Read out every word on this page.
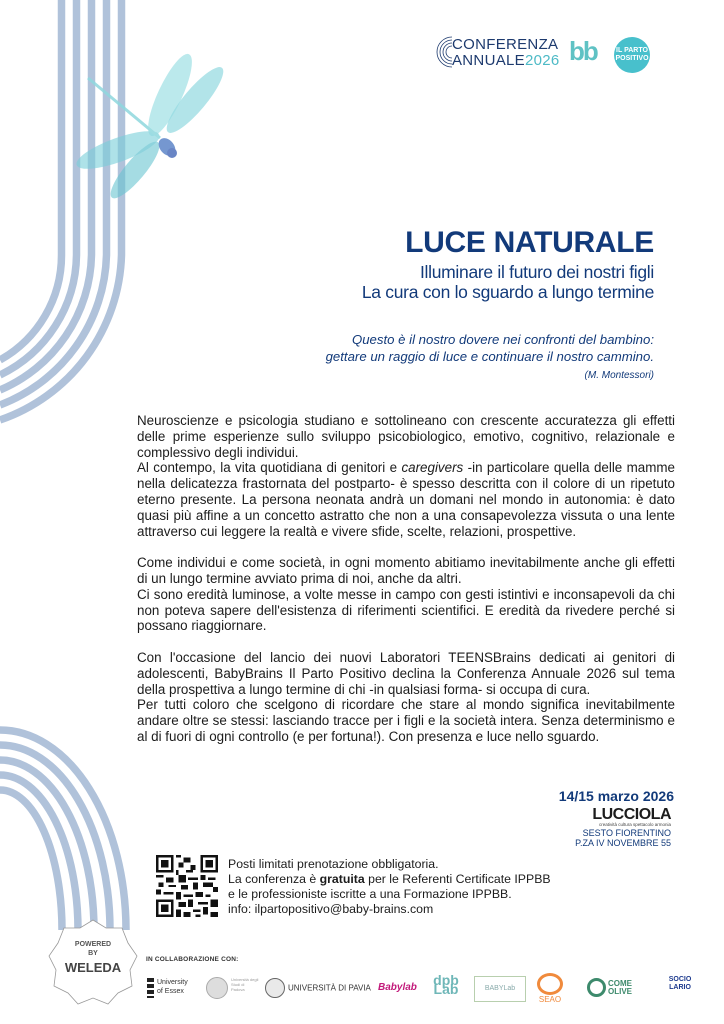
CONFERENZA
ANNUALE2026 bb	IL PARTO POSITIVO
LUCE NATURALE
Illuminare il futuro dei nostri figli
La cura con lo sguardo a lungo termine
Questo è il nostro dovere nei confronti del bambino:
gettare un raggio di luce e continuare il nostro cammino.
(M. Montessori)

Neuroscienze e psicologia studiano e sottolineano con crescente accuratezza gli effetti delle prime esperienze sullo sviluppo psicobiologico, emotivo, cognitivo, relazionale e complessivo degli individui.
Al contempo, la vita quotidiana di genitori e caregivers -in particolare quella delle mamme nella delicatezza frastornata del postparto- è spesso descritta con il colore di un ripetuto eterno presente. La persona neonata andrà un domani nel mondo in autonomia: è dato quasi più affine a un concetto astratto che non a una consapevolezza vissuta o una lente attraverso cui leggere la realtà e vivere sfide, scelte, relazioni, prospettive.

Come individui e come società, in ogni momento abitiamo inevitabilmente anche gli effetti di un lungo termine avviato prima di noi, anche da altri.
Ci sono eredità luminose, a volte messe in campo con gesti istintivi e inconsapevoli da chi non poteva sapere dell'esistenza di riferimenti scientifici. E eredità da rivedere perché si possano riaggiornare.

Con l'occasione del lancio dei nuovi Laboratori TEENSBrains dedicati ai genitori di adolescenti, BabyBrains Il Parto Positivo declina la Conferenza Annuale 2026 sul tema della prospettiva a lungo termine di chi -in qualsiasi forma- si occupa di cura.
Per tutti coloro che scelgono di ricordare che stare al mondo significa inevitabilmente andare oltre se stessi: lasciando tracce per i figli e la società intera. Senza determinismo e al di fuori di ogni controllo (e per fortuna!). Con presenza e luce nello sguardo.

14/15 marzo 2026
LUCCIOLA
creatività cultura spettacolo armonia
SESTO FIORENTINO
P.ZA IV NOVEMBRE 55
Posti limitati prenotazione obbligatoria.
La conferenza è gratuita per le Referenti Certificate IPPBB
e le professioniste iscritte a una Formazione IPPBB.
info: ilpartopositivo@baby-brains.com
POWERED
BY
WELEDA
IN COLLABORAZIONE CON:
University of Essex
Università degli Studi di Padova	UNIVERSITÀ DI PAVIA Babylab	dpb Lab	BABYLab
SEAO
COME OLIVE
SOCIO LARIO
